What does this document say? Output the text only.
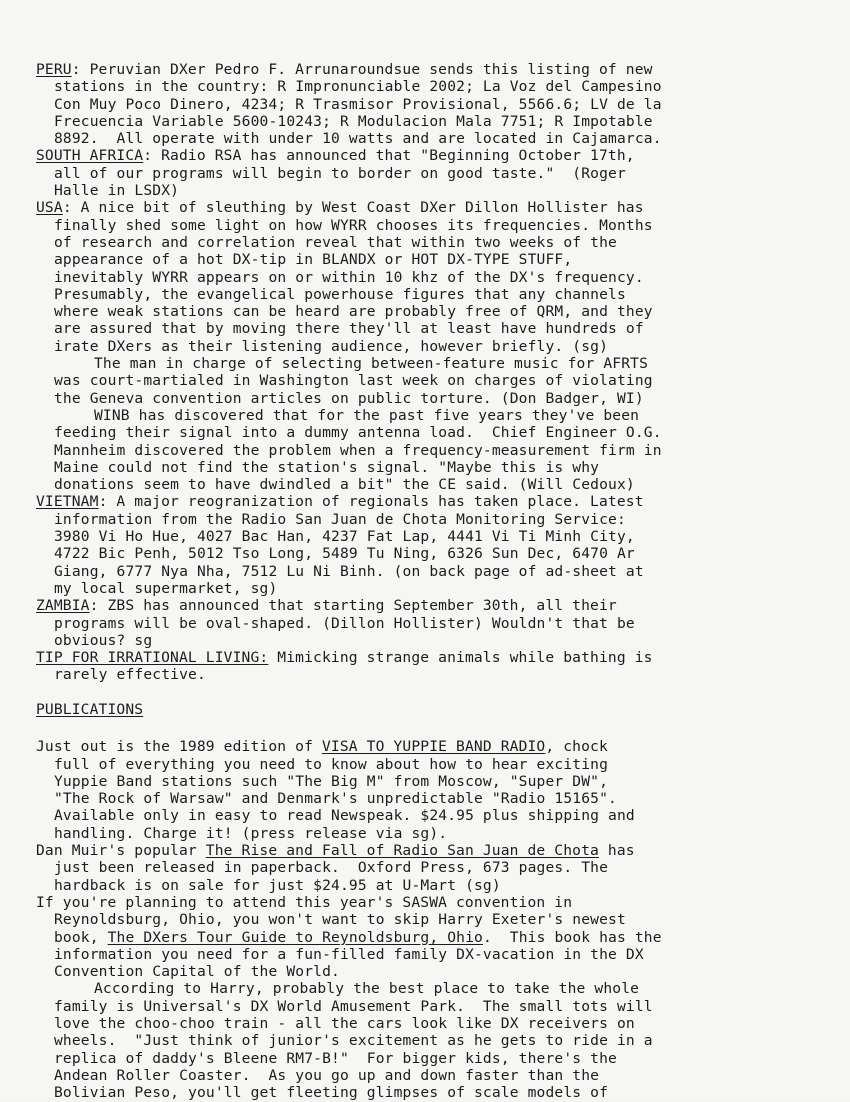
PERU: Peruvian DXer Pedro F. Arrunaroundsue sends this listing of new
stations in the country: R Impronunciable 2002; La Voz del Campesino
Con Muy Poco Dinero, 4234; R Trasmisor Provisional, 5566.6; LV de la
Frecuencia Variable 5600-10243; R Modulacion Mala 7751; R Impotable
8892.  All operate with under 10 watts and are located in Cajamarca.
SOUTH AFRICA: Radio RSA has announced that "Beginning October 17th,
all of our programs will begin to border on good taste."  (Roger
Halle in LSDX)
USA: A nice bit of sleuthing by West Coast DXer Dillon Hollister has
finally shed some light on how WYRR chooses its frequencies. Months
of research and correlation reveal that within two weeks of the
appearance of a hot DX-tip in BLANDX or HOT DX-TYPE STUFF,
inevitably WYRR appears on or within 10 khz of the DX's frequency.
Presumably, the evangelical powerhouse figures that any channels
where weak stations can be heard are probably free of QRM, and they
are assured that by moving there they'll at least have hundreds of
irate DXers as their listening audience, however briefly. (sg)
The man in charge of selecting between-feature music for AFRTS
was court-martialed in Washington last week on charges of violating
the Geneva convention articles on public torture. (Don Badger, WI)
WINB has discovered that for the past five years they've been
feeding their signal into a dummy antenna load.  Chief Engineer O.G.
Mannheim discovered the problem when a frequency-measurement firm in
Maine could not find the station's signal. "Maybe this is why
donations seem to have dwindled a bit" the CE said. (Will Cedoux)
VIETNAM: A major reogranization of regionals has taken place. Latest
information from the Radio San Juan de Chota Monitoring Service:
3980 Vi Ho Hue, 4027 Bac Han, 4237 Fat Lap, 4441 Vi Ti Minh City,
4722 Bic Penh, 5012 Tso Long, 5489 Tu Ning, 6326 Sun Dec, 6470 Ar
Giang, 6777 Nya Nha, 7512 Lu Ni Binh. (on back page of ad-sheet at
my local supermarket, sg)
ZAMBIA: ZBS has announced that starting September 30th, all their
programs will be oval-shaped. (Dillon Hollister) Wouldn't that be
obvious? sg
TIP FOR IRRATIONAL LIVING: Mimicking strange animals while bathing is
rarely effective.
PUBLICATIONS
Just out is the 1989 edition of VISA TO YUPPIE BAND RADIO, chock
full of everything you need to know about how to hear exciting
Yuppie Band stations such "The Big M" from Moscow, "Super DW",
"The Rock of Warsaw" and Denmark's unpredictable "Radio 15165".
Available only in easy to read Newspeak. $24.95 plus shipping and
handling. Charge it! (press release via sg).
Dan Muir's popular The Rise and Fall of Radio San Juan de Chota has
just been released in paperback.  Oxford Press, 673 pages. The
hardback is on sale for just $24.95 at U-Mart (sg)
If you're planning to attend this year's SASWA convention in
Reynoldsburg, Ohio, you won't want to skip Harry Exeter's newest
book, The DXers Tour Guide to Reynoldsburg, Ohio.  This book has the
information you need for a fun-filled family DX-vacation in the DX
Convention Capital of the World.
According to Harry, probably the best place to take the whole
family is Universal's DX World Amusement Park.  The small tots will
love the choo-choo train - all the cars look like DX receivers on
wheels.  "Just think of junior's excitement as he gets to ride in a
replica of daddy's Bleene RM7-B!"  For bigger kids, there's the
Andean Roller Coaster.  As you go up and down faster than the
Bolivian Peso, you'll get fleeting glimpses of scale models of
